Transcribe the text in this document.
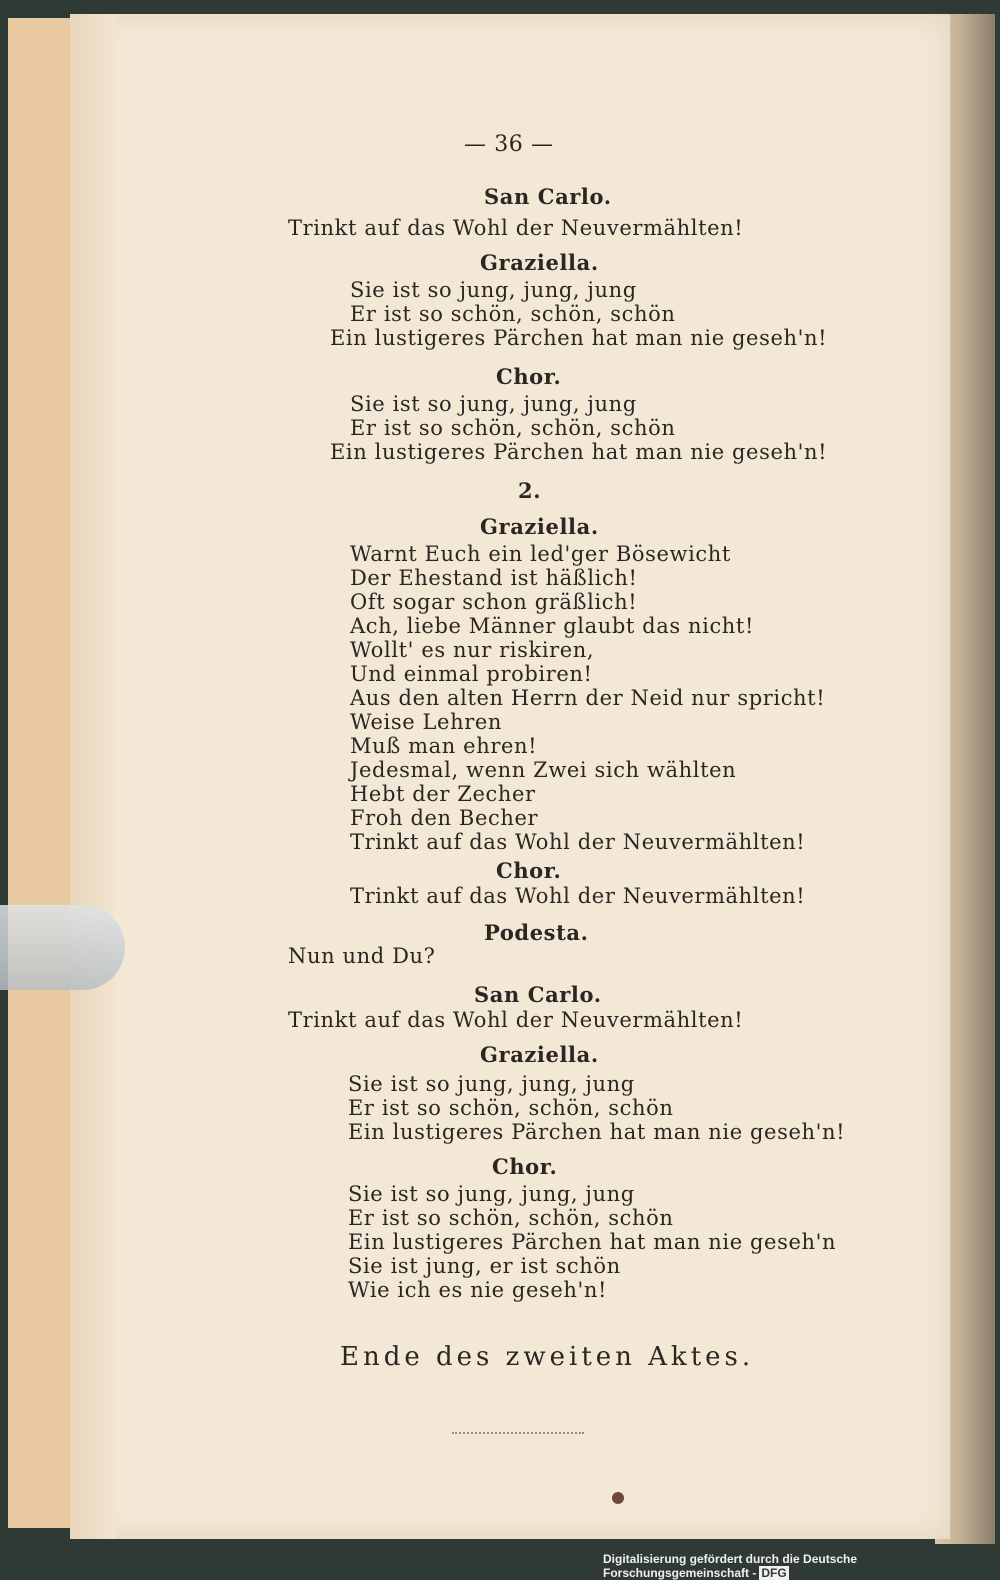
— 36 —
San Carlo.
Trinkt auf das Wohl der Neuvermählten!
Graziella.
Sie ist so jung, jung, jung
Er ist so schön, schön, schön
Ein lustigeres Pärchen hat man nie geseh'n!
Chor.
Sie ist so jung, jung, jung
Er ist so schön, schön, schön
Ein lustigeres Pärchen hat man nie geseh'n!
2.
Graziella.
Warnt Euch ein led'ger Bösewicht
Der Ehestand ist häßlich!
Oft sogar schon gräßlich!
Ach, liebe Männer glaubt das nicht!
Wollt' es nur riskiren,
Und einmal probiren!
Aus den alten Herrn der Neid nur spricht!
Weise Lehren
Muß man ehren!
Jedesmal, wenn Zwei sich wählten
Hebt der Zecher
Froh den Becher
Trinkt auf das Wohl der Neuvermählten!
Chor.
Trinkt auf das Wohl der Neuvermählten!
Podesta.
Nun und Du?
San Carlo.
Trinkt auf das Wohl der Neuvermählten!
Graziella.
Sie ist so jung, jung, jung
Er ist so schön, schön, schön
Ein lustigeres Pärchen hat man nie geseh'n!
Chor.
Sie ist so jung, jung, jung
Er ist so schön, schön, schön
Ein lustigeres Pärchen hat man nie geseh'n
Sie ist jung, er ist schön
Wie ich es nie geseh'n!
Ende des zweiten Aktes.
Digitalisierung gefördert durch die Deutsche Forschungsgemeinschaft - DFG
